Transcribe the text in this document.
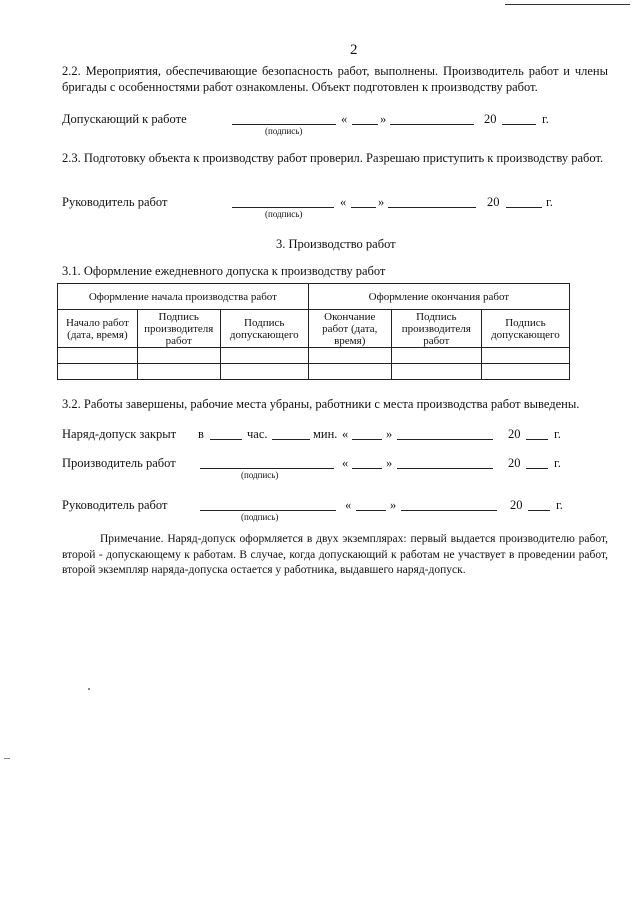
2
2.2. Мероприятия, обеспечивающие безопасность работ, выполнены. Производитель работ и члены бригады с особенностями работ ознакомлены. Объект подготовлен к производству работ.
Допускающий к работе
(подпись)
«	»	20	г.
2.3. Подготовку объекта к производству работ проверил. Разрешаю приступить к производству работ.
Руководитель работ
(подпись)
«	»	20	г.
3. Производство работ
3.1. Оформление ежедневного допуска к производству работ
Оформление начала производства работ			Оформление окончания работ		
Начало работ (дата, время)	Подпись производителя работ	Подпись допускающего	Окончание работ (дата, время)	Подпись производителя работ	Подпись допускающего

3.2. Работы завершены, рабочие места убраны, работники с места производства работ выведены.
Наряд-допуск закрыт в	час.	мин. «	»	20	г.
Производитель работ
(подпись)
«	»	20	г.
Руководитель работ
(подпись)
«	»	20	г.
Примечание. Наряд-допуск оформляется в двух экземплярах: первый выдается производителю работ, второй - допускающему к работам. В случае, когда допускающий к работам не участвует в проведении работ, второй экземпляр наряда-допуска остается у работника, выдавшего наряд-допуск.
